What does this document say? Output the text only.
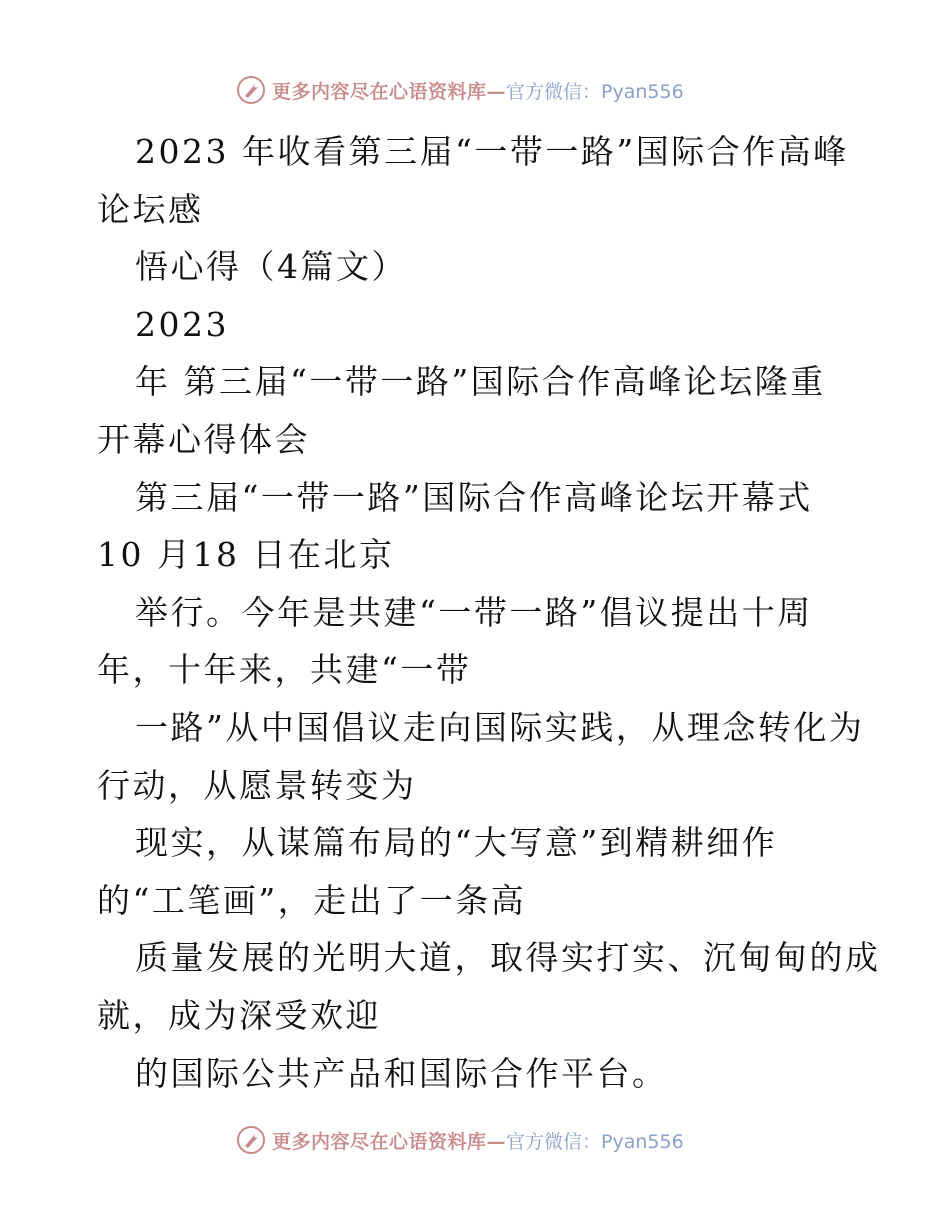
更多内容尽在心语资料库— 官方微信：Pyan556
2023 年收看第三届“一带一路”国际合作高峰
论坛感
悟心得（4篇文）
2023
年 第三届“一带一路”国际合作高峰论坛隆重
开幕心得体会
第三届“一带一路”国际合作高峰论坛开幕式
10 月18 日在北京
举行。今年是共建“一带一路”倡议提出十周
年，十年来，共建“一带
一路”从中国倡议走向国际实践，从理念转化为
行动，从愿景转变为
现实，从谋篇布局的“大写意”到精耕细作
的“工笔画”，走出了一条高
质量发展的光明大道，取得实打实、沉甸甸的成
就，成为深受欢迎
的国际公共产品和国际合作平台。
更多内容尽在心语资料库— 官方微信：Pyan556
